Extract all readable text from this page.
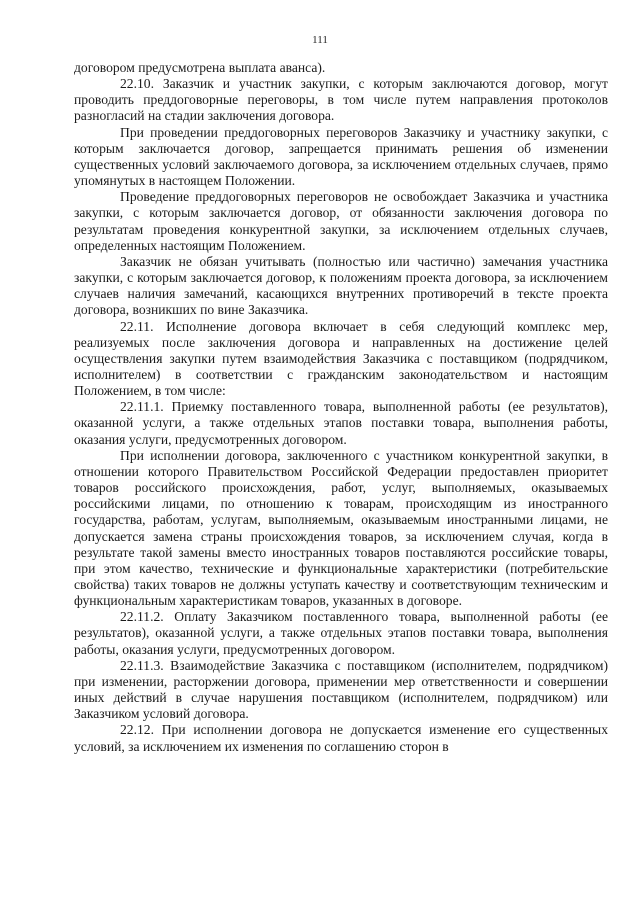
111

договором предусмотрена выплата аванса).

22.10. Заказчик и участник закупки, с которым заключаются договор, могут проводить преддоговорные переговоры, в том числе путем направления протоколов разногласий на стадии заключения договора.

При проведении преддоговорных переговоров Заказчику и участнику закупки, с которым заключается договор, запрещается принимать решения об изменении существенных условий заключаемого договора, за исключением отдельных случаев, прямо упомянутых в настоящем Положении.

Проведение преддоговорных переговоров не освобождает Заказчика и участника закупки, с которым заключается договор, от обязанности заключения договора по результатам проведения конкурентной закупки, за исключением отдельных случаев, определенных настоящим Положением.

Заказчик не обязан учитывать (полностью или частично) замечания участника закупки, с которым заключается договор, к положениям проекта договора, за исключением случаев наличия замечаний, касающихся внутренних противоречий в тексте проекта договора, возникших по вине Заказчика.

22.11. Исполнение договора включает в себя следующий комплекс мер, реализуемых после заключения договора и направленных на достижение целей осуществления закупки путем взаимодействия Заказчика с поставщиком (подрядчиком, исполнителем) в соответствии с гражданским законодательством и настоящим Положением, в том числе:

22.11.1. Приемку поставленного товара, выполненной работы (ее результатов), оказанной услуги, а также отдельных этапов поставки товара, выполнения работы, оказания услуги, предусмотренных договором.

При исполнении договора, заключенного с участником конкурентной закупки, в отношении которого Правительством Российской Федерации предоставлен приоритет товаров российского происхождения, работ, услуг, выполняемых, оказываемых российскими лицами, по отношению к товарам, происходящим из иностранного государства, работам, услугам, выполняемым, оказываемым иностранными лицами, не допускается замена страны происхождения товаров, за исключением случая, когда в результате такой замены вместо иностранных товаров поставляются российские товары, при этом качество, технические и функциональные характеристики (потребительские свойства) таких товаров не должны уступать качеству и соответствующим техническим и функциональным характеристикам товаров, указанных в договоре.

22.11.2. Оплату Заказчиком поставленного товара, выполненной работы (ее результатов), оказанной услуги, а также отдельных этапов поставки товара, выполнения работы, оказания услуги, предусмотренных договором.

22.11.3. Взаимодействие Заказчика с поставщиком (исполнителем, подрядчиком) при изменении, расторжении договора, применении мер ответственности и совершении иных действий в случае нарушения поставщиком (исполнителем, подрядчиком) или Заказчиком условий договора.

22.12. При исполнении договора не допускается изменение его существенных условий, за исключением их изменения по соглашению сторон в
